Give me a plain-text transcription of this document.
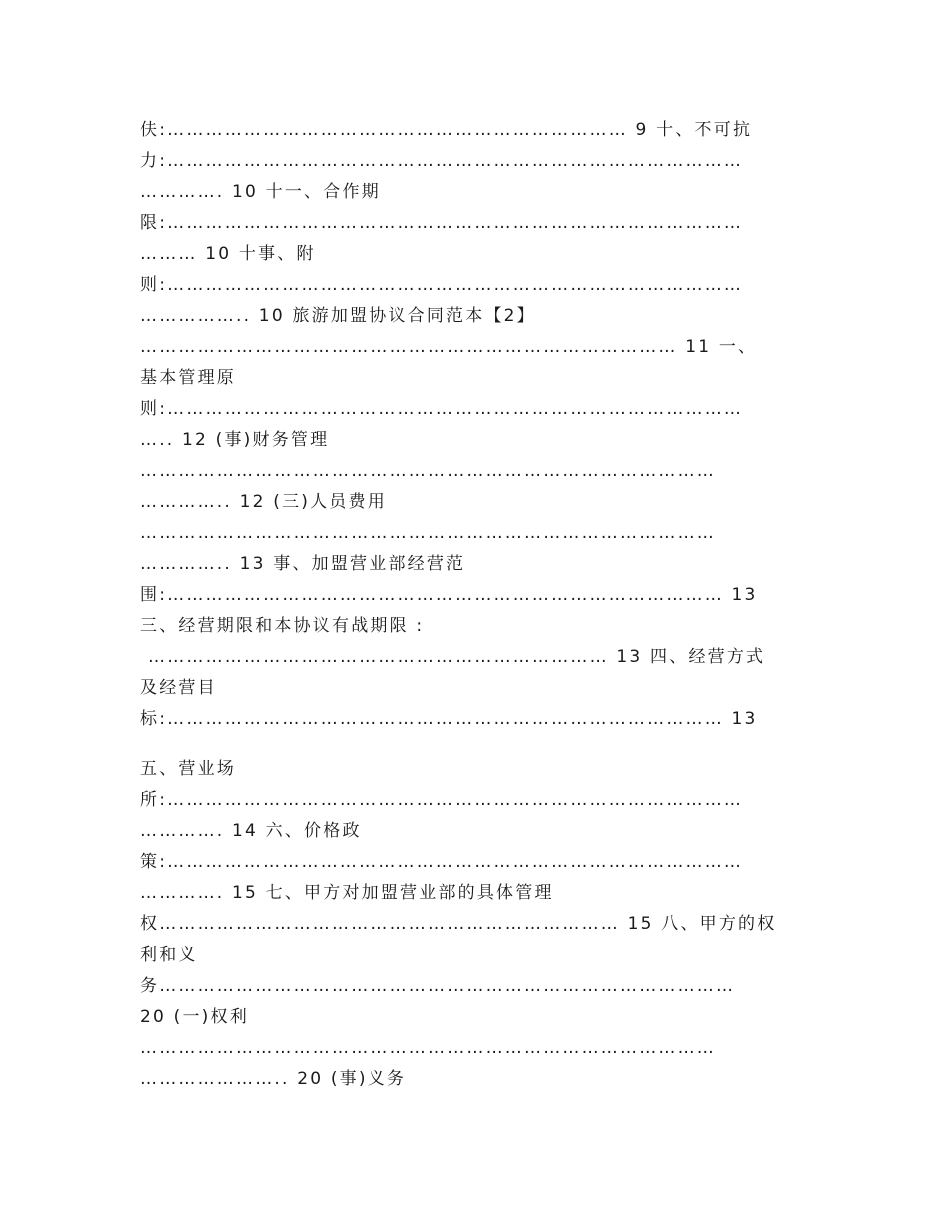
伕:……………………………………………………………… 9 十、不可抗
力:………………………………………………………………………………
…………. 10 十一、合作期
限:………………………………………………………………………………
……… 10 十事、附
则:………………………………………………………………………………
…………….. 10 旅游加盟协议合同范本【2】
………………………………………………………………………… 11 一、
基本管理原
则:………………………………………………………………………………
….. 12 (事)财务管理
………………………………………………………………………………
………….. 12 (三)人员费用
………………………………………………………………………………
………….. 13 事、加盟营业部经营范
围:…………………………………………………………………………… 13
三、经营期限和本协议有战期限 :
……………………………………………………………… 13 四、经营方式
及经营目
标:…………………………………………………………………………… 13
五、营业场
所:………………………………………………………………………………
…………. 14 六、价格政
策:………………………………………………………………………………
…………. 15 七、甲方对加盟营业部的具体管理
权……………………………………………………………… 15 八、甲方的权
利和义
务………………………………………………………………………………
20 (一)权利
………………………………………………………………………………
………………….. 20 (事)义务
